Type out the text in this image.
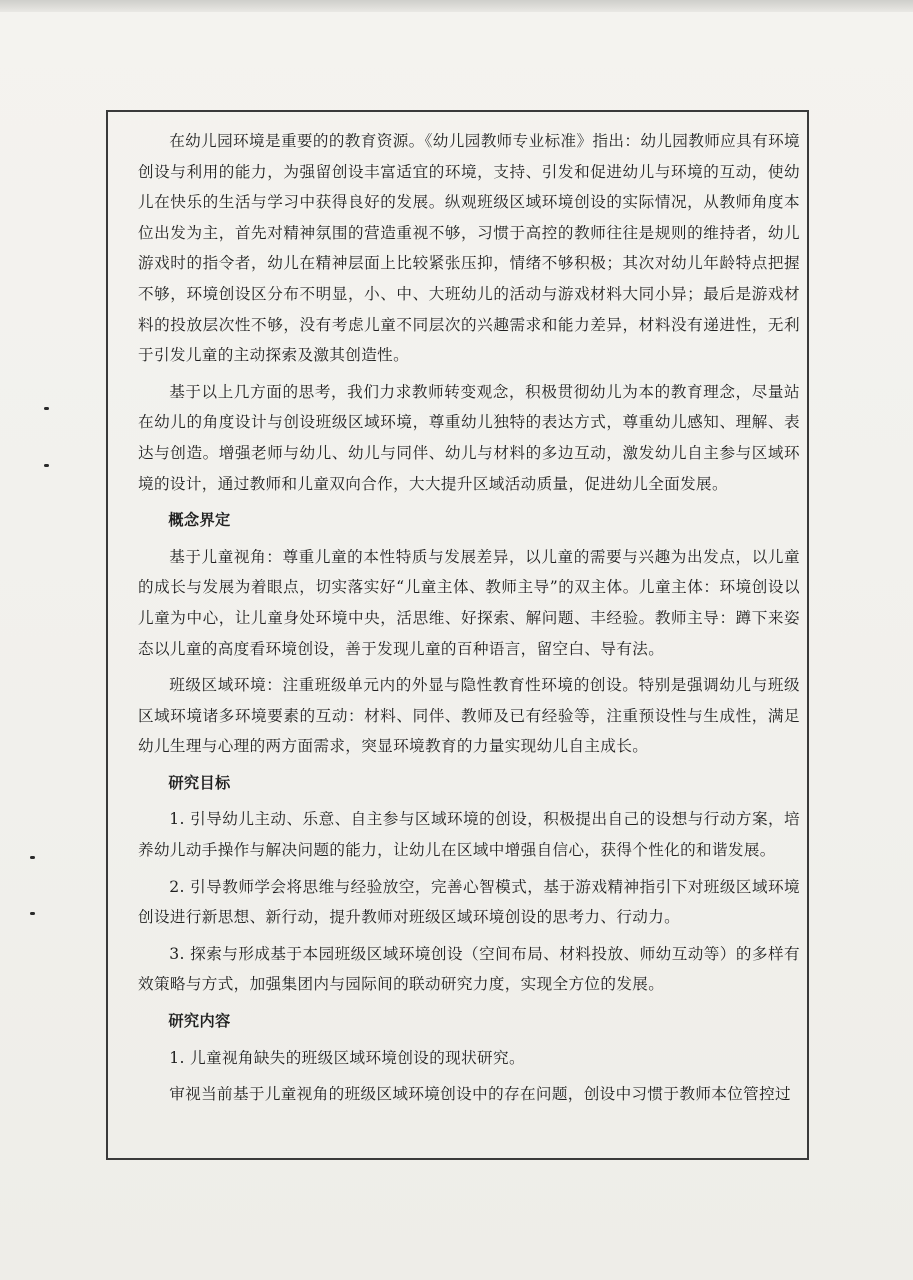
在幼儿园环境是重要的的教育资源。《幼儿园教师专业标准》指出：幼儿园教师应具有环境创设与利用的能力，为强留创设丰富适宜的环境，支持、引发和促进幼儿与环境的互动，使幼儿在快乐的生活与学习中获得良好的发展。纵观班级区域环境创设的实际情况，从教师角度本位出发为主，首先对精神氛围的营造重视不够，习惯于高控的教师往往是规则的维持者，幼儿游戏时的指令者，幼儿在精神层面上比较紧张压抑，情绪不够积极；其次对幼儿年龄特点把握不够，环境创设区分布不明显，小、中、大班幼儿的活动与游戏材料大同小异；最后是游戏材料的投放层次性不够，没有考虑儿童不同层次的兴趣需求和能力差异，材料没有递进性，无利于引发儿童的主动探索及激其创造性。

基于以上几方面的思考，我们力求教师转变观念，积极贯彻幼儿为本的教育理念，尽量站在幼儿的角度设计与创设班级区域环境，尊重幼儿独特的表达方式，尊重幼儿感知、理解、表达与创造。增强老师与幼儿、幼儿与同伴、幼儿与材料的多边互动，激发幼儿自主参与区域环境的设计，通过教师和儿童双向合作，大大提升区域活动质量，促进幼儿全面发展。

概念界定

基于儿童视角：尊重儿童的本性特质与发展差异，以儿童的需要与兴趣为出发点，以儿童的成长与发展为着眼点，切实落实好“儿童主体、教师主导”的双主体。儿童主体：环境创设以儿童为中心，让儿童身处环境中央，活思维、好探索、解问题、丰经验。教师主导：蹲下来姿态以儿童的高度看环境创设，善于发现儿童的百种语言，留空白、导有法。

班级区域环境：注重班级单元内的外显与隐性教育性环境的创设。特别是强调幼儿与班级区域环境诸多环境要素的互动：材料、同伴、教师及已有经验等，注重预设性与生成性，满足幼儿生理与心理的两方面需求，突显环境教育的力量实现幼儿自主成长。

研究目标

1. 引导幼儿主动、乐意、自主参与区域环境的创设，积极提出自己的设想与行动方案，培养幼儿动手操作与解决问题的能力，让幼儿在区域中增强自信心，获得个性化的和谐发展。

2. 引导教师学会将思维与经验放空，完善心智模式，基于游戏精神指引下对班级区域环境创设进行新思想、新行动，提升教师对班级区域环境创设的思考力、行动力。

3. 探索与形成基于本园班级区域环境创设（空间布局、材料投放、师幼互动等）的多样有效策略与方式，加强集团内与园际间的联动研究力度，实现全方位的发展。

研究内容

1. 儿童视角缺失的班级区域环境创设的现状研究。

审视当前基于儿童视角的班级区域环境创设中的存在问题，创设中习惯于教师本位管控过
